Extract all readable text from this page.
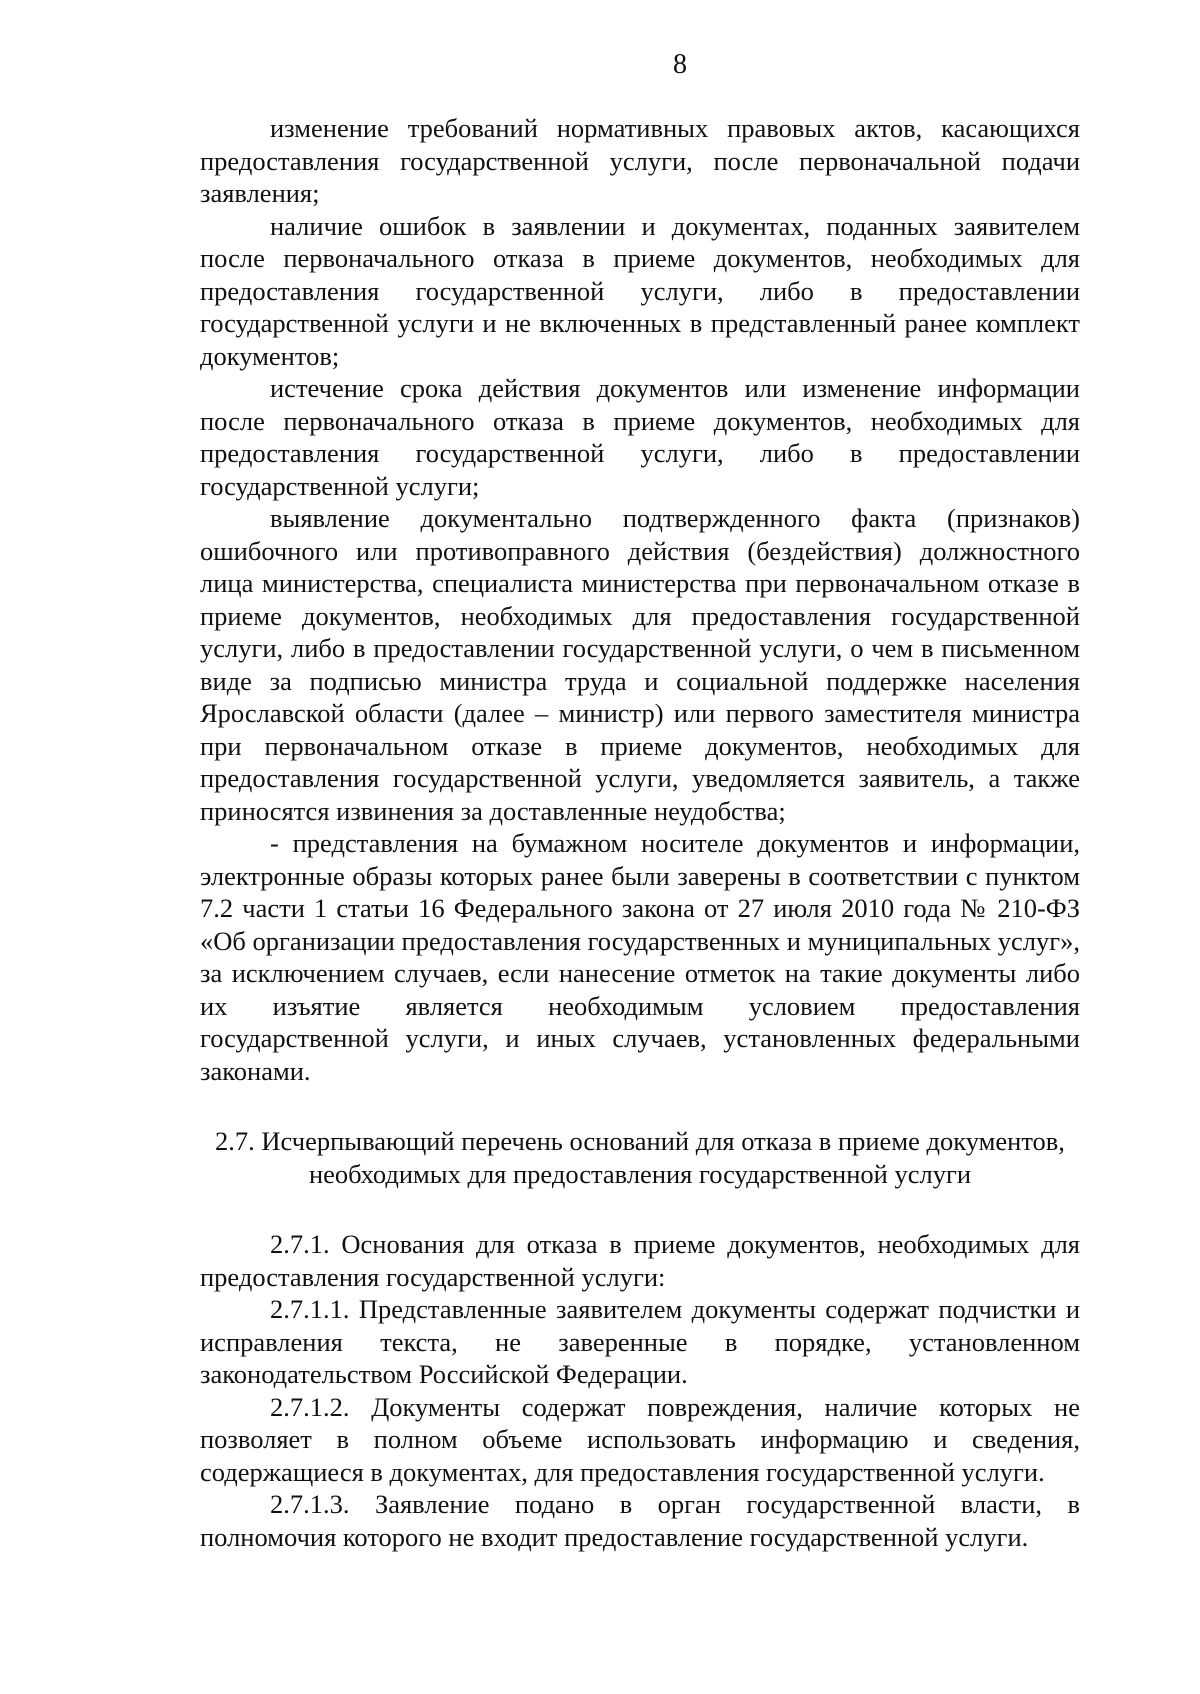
8

изменение требований нормативных правовых актов, касающихся предоставления государственной услуги, после первоначальной подачи заявления;

наличие ошибок в заявлении и документах, поданных заявителем после первоначального отказа в приеме документов, необходимых для предоставления государственной услуги, либо в предоставлении государственной услуги и не включенных в представленный ранее комплект документов;

истечение срока действия документов или изменение информации после первоначального отказа в приеме документов, необходимых для предоставления государственной услуги, либо в предоставлении государственной услуги;

выявление документально подтвержденного факта (признаков) ошибочного или противоправного действия (бездействия) должностного лица министерства, специалиста министерства при первоначальном отказе в приеме документов, необходимых для предоставления государственной услуги, либо в предоставлении государственной услуги, о чем в письменном виде за подписью министра труда и социальной поддержке населения Ярославской области (далее – министр) или первого заместителя министра при первоначальном отказе в приеме документов, необходимых для предоставления государственной услуги, уведомляется заявитель, а также приносятся извинения за доставленные неудобства;

- представления на бумажном носителе документов и информации, электронные образы которых ранее были заверены в соответствии с пунктом 7.2 части 1 статьи 16 Федерального закона от 27 июля 2010 года № 210-ФЗ «Об организации предоставления государственных и муниципальных услуг», за исключением случаев, если нанесение отметок на такие документы либо их изъятие является необходимым условием предоставления государственной услуги, и иных случаев, установленных федеральными законами.

2.7. Исчерпывающий перечень оснований для отказа в приеме документов,
необходимых для предоставления государственной услуги

2.7.1. Основания для отказа в приеме документов, необходимых для предоставления государственной услуги:

2.7.1.1. Представленные заявителем документы содержат подчистки и исправления текста, не заверенные в порядке, установленном законодательством Российской Федерации.

2.7.1.2. Документы содержат повреждения, наличие которых не позволяет в полном объеме использовать информацию и сведения, содержащиеся в документах, для предоставления государственной услуги.

2.7.1.3. Заявление подано в орган государственной власти, в полномочия которого не входит предоставление государственной услуги.
